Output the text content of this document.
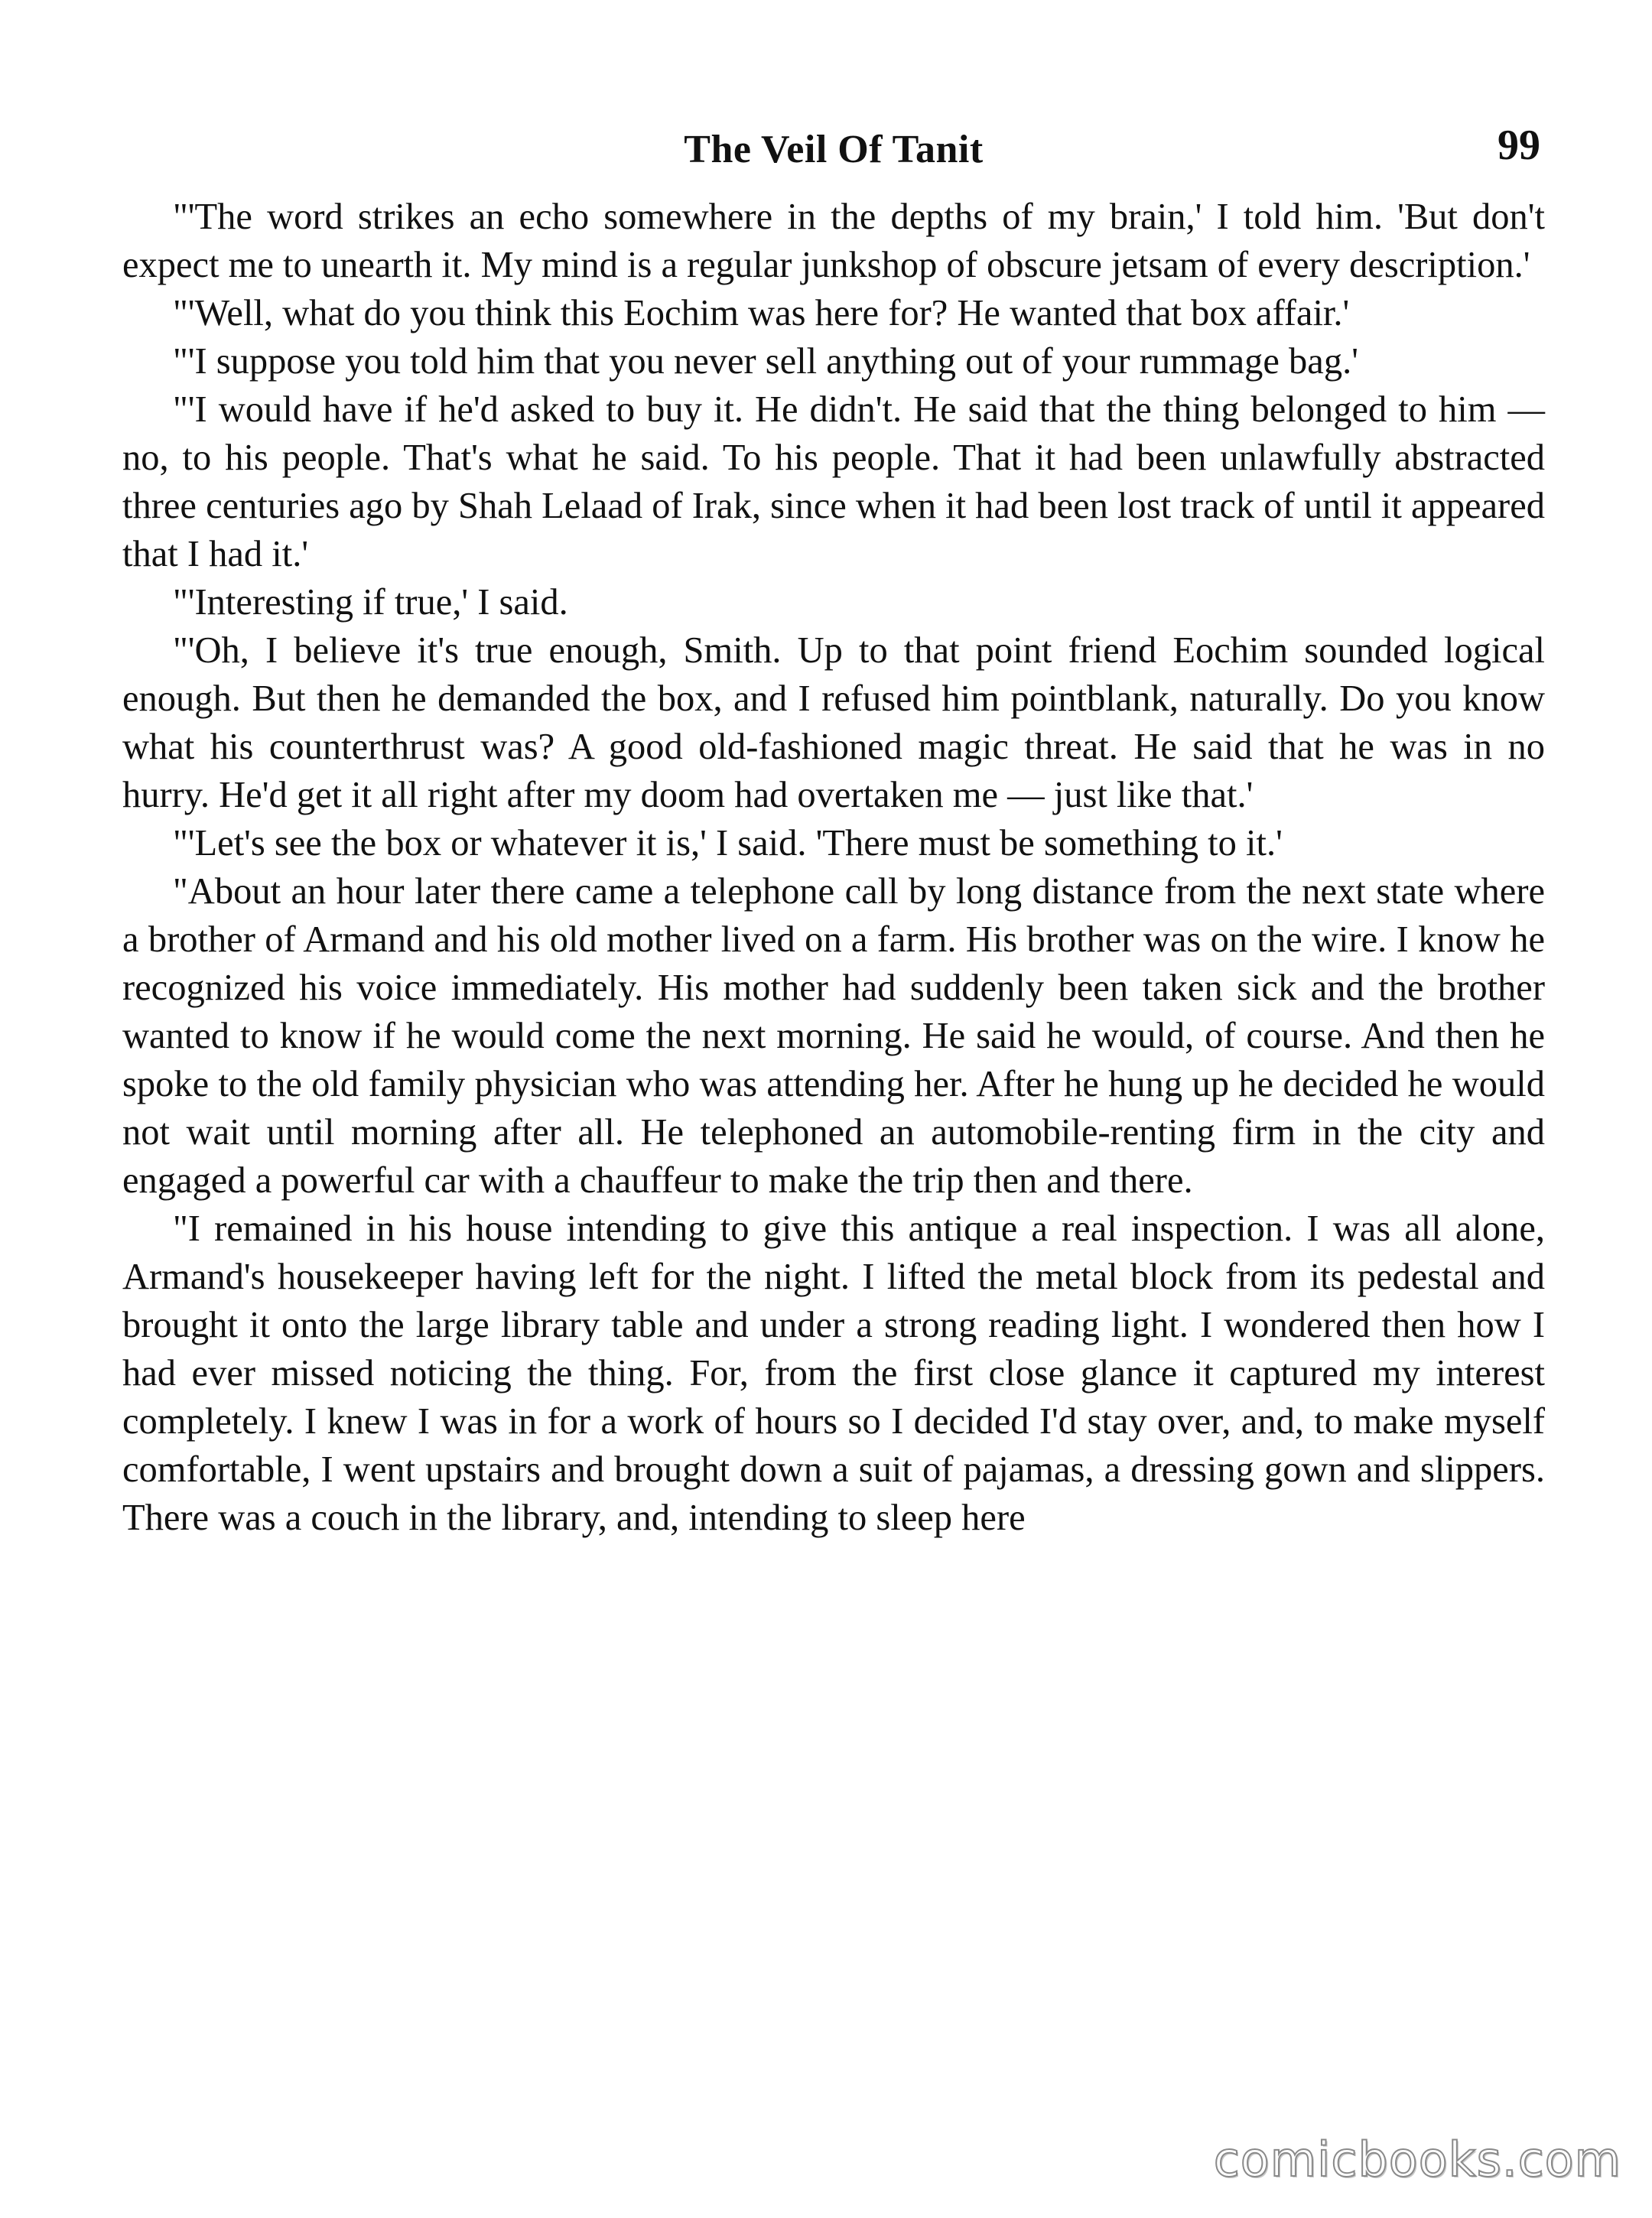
The Veil Of Tanit	99

"'The word strikes an echo somewhere in the depths of my brain,' I told him. 'But don't expect me to unearth it. My mind is a regular junkshop of obscure jetsam of every description.'

"'Well, what do you think this Eochim was here for? He wanted that box affair.'

"'I suppose you told him that you never sell anything out of your rummage bag.'

"'I would have if he'd asked to buy it. He didn't. He said that the thing belonged to him — no, to his people. That's what he said. To his people. That it had been unlawfully abstracted three centuries ago by Shah Lelaad of Irak, since when it had been lost track of until it appeared that I had it.'

"'Interesting if true,' I said.

"'Oh, I believe it's true enough, Smith. Up to that point friend Eochim sounded logical enough. But then he demanded the box, and I refused him pointblank, naturally. Do you know what his counterthrust was? A good old-fashioned magic threat. He said that he was in no hurry. He'd get it all right after my doom had overtaken me — just like that.'

"'Let's see the box or whatever it is,' I said. 'There must be something to it.'

"About an hour later there came a telephone call by long distance from the next state where a brother of Armand and his old mother lived on a farm. His brother was on the wire. I know he recognized his voice immediately. His mother had suddenly been taken sick and the brother wanted to know if he would come the next morning. He said he would, of course. And then he spoke to the old family physician who was attending her. After he hung up he decided he would not wait until morning after all. He telephoned an automobile-renting firm in the city and engaged a powerful car with a chauffeur to make the trip then and there.

"I remained in his house intending to give this antique a real inspection. I was all alone, Armand's housekeeper having left for the night. I lifted the metal block from its pedestal and brought it onto the large library table and under a strong reading light. I wondered then how I had ever missed noticing the thing. For, from the first close glance it captured my interest completely. I knew I was in for a work of hours so I decided I'd stay over, and, to make myself comfortable, I went upstairs and brought down a suit of pajamas, a dressing gown and slippers. There was a couch in the library, and, intending to sleep here

comicbooks.com
